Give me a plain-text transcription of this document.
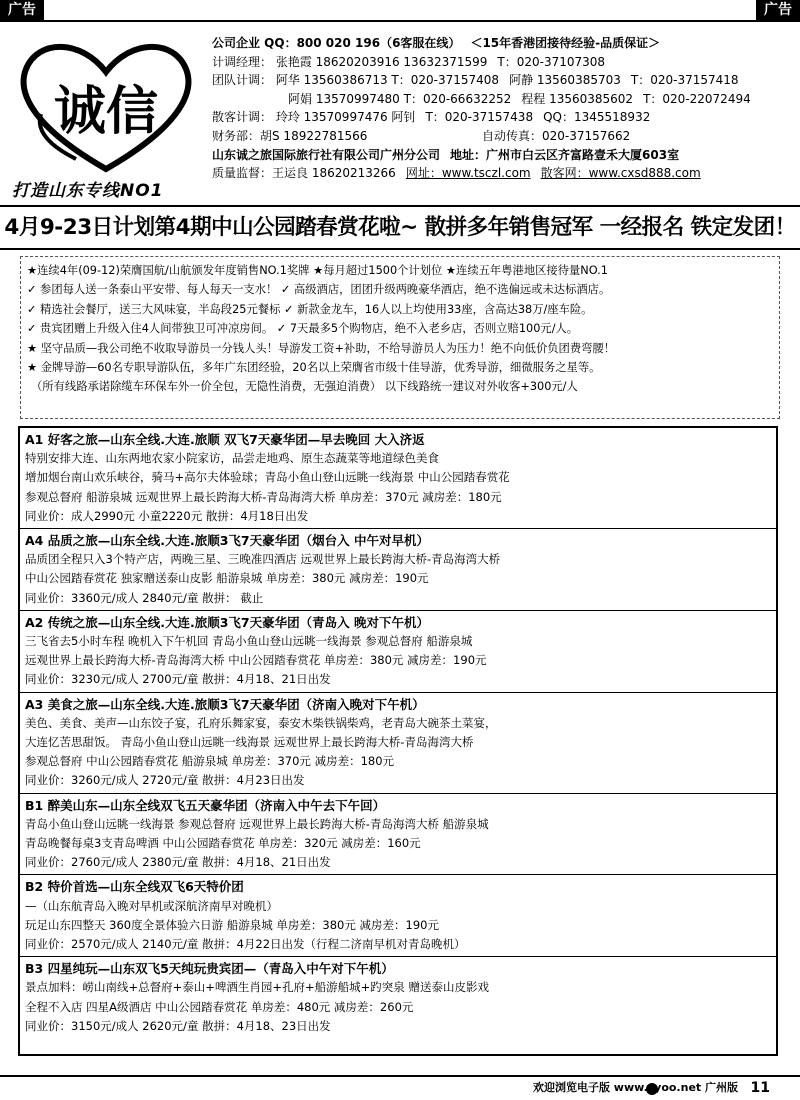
广告	广告
诚信
打造山东专线NO1
公司企业 QQ：800 020 196（6客服在线） ＜15年香港团接待经验-品质保证＞
计调经理： 张艳霞 18620203916 13632371599 T：020-37107308
团队计调： 阿华 13560386713 T：020-37157408 阿静 13560385703 T：020-37157418
阿娟 13570997480 T：020-66632252 程程 13560385602 T：020-22072494
散客计调： 玲玲 13570997476 阿钊 T：020-37157438 QQ：1345518932
财务部：胡S 18922781566	自动传真：020-37157662
山东诚之旅国际旅行社有限公司广州分公司 地址：广州市白云区齐富路壹禾大厦603室
质量监督：王运良 18620213266 网址：www.tsczl.com 散客网：www.cxsd888.com
4月9-23日计划第4期中山公园踏春赏花啦~ 散拼多年销售冠军 一经报名 铁定发团！
★连续4年(09-12)荣膺国航/山航颁发年度销售NO.1奖牌 ★每月超过1500个计划位 ★连续五年粤港地区接待量NO.1
✓ 参团每人送一条泰山平安带、每人每天一支水！ ✓ 高级酒店，团团升级两晚豪华酒店，绝不选偏远或未达标酒店。
✓ 精选社会餐厅，送三大风味宴，半岛段25元餐标 ✓ 新款金龙车，16人以上均使用33座，含高达38万/座车险。
✓ 贵宾团赠上升级入住4人间带独卫可冲凉房间。 ✓ 7天最多5个购物店，绝不入老乡店，否则立赔100元/人。
★ 坚守品质—我公司绝不收取导游员一分钱人头！导游发工资+补助，不给导游员人为压力！绝不向低价负团费弯腰！
★ 金牌导游—60名专职导游队伍，多年广东团经验，20名以上荣膺省市级十佳导游，优秀导游，细微服务之星等。
（所有线路承诺除缆车环保车外一价全包，无隐性消费，无强迫消费） 以下线路统一建议对外收客+300元/人
A1 好客之旅—山东全线.大连.旅顺 双飞7天豪华团—早去晚回 大入济返
特别安排大连、山东两地农家小院家访，品尝走地鸡、原生态蔬菜等地道绿色美食
增加烟台南山欢乐峡谷，骑马+高尔夫体验球；青岛小鱼山登山远眺一线海景 中山公园踏春赏花
参观总督府 船游泉城 远观世界上最长跨海大桥-青岛海湾大桥 单房差：370元 减房差：180元
同业价：成人2990元 小童2220元 散拼：4月18日出发
A4 品质之旅—山东全线.大连.旅顺3飞7天豪华团（烟台入 中午对早机）
品质团全程只入3个特产店，两晚三星、三晚准四酒店 远观世界上最长跨海大桥-青岛海湾大桥
中山公园踏春赏花 独家赠送泰山皮影 船游泉城 单房差：380元 减房差：190元
同业价：3360元/成人 2840元/童 散拼： 截止
A2 传统之旅—山东全线.大连.旅顺3飞7天豪华团（青岛入 晚对下午机）
三飞省去5小时车程 晚机入下午机回 青岛小鱼山登山远眺一线海景 参观总督府 船游泉城
远观世界上最长跨海大桥-青岛海湾大桥 中山公园踏春赏花 单房差：380元 减房差：190元
同业价：3230元/成人 2700元/童 散拼：4月18、21日出发
A3 美食之旅—山东全线.大连.旅顺3飞7天豪华团（济南入晚对下午机）
美色、美食、美声—山东饺子宴，孔府乐舞家宴，泰安木柴铁锅柴鸡，老青岛大碗茶土菜宴，
大连忆苦思甜饭。 青岛小鱼山登山远眺一线海景 远观世界上最长跨海大桥-青岛海湾大桥
参观总督府 中山公园踏春赏花 船游泉城 单房差：370元 减房差：180元
同业价：3260元/成人 2720元/童 散拼：4月23日出发
B1 醉美山东—山东全线双飞五天豪华团（济南入中午去下午回）
青岛小鱼山登山远眺一线海景 参观总督府 远观世界上最长跨海大桥-青岛海湾大桥 船游泉城
青岛晚餐每桌3支青岛啤酒 中山公园踏春赏花 单房差：320元 减房差：160元
同业价：2760元/成人 2380元/童 散拼：4月18、21日出发
B2 特价首选—山东全线双飞6天特价团
—（山东航青岛入晚对早机或深航济南早对晚机）
玩足山东四整天 360度全景体验六日游 船游泉城 单房差：380元 减房差：190元
同业价：2570元/成人 2140元/童 散拼：4月22日出发（行程二济南早机对青岛晚机）
B3 四星纯玩—山东双飞5天纯玩贵宾团—（青岛入中午对下午机）
景点加料：崂山南线+总督府+泰山+啤酒生肖园+孔府+船游船城+趵突泉 赠送泰山皮影戏
全程不入店 四星A级酒店 中山公园踏春赏花 单房差：480元 减房差：260元
同业价：3150元/成人 2620元/童 散拼：4月18、23日出发
欢迎浏览电子版 www.zyoo.net 广州版 11
